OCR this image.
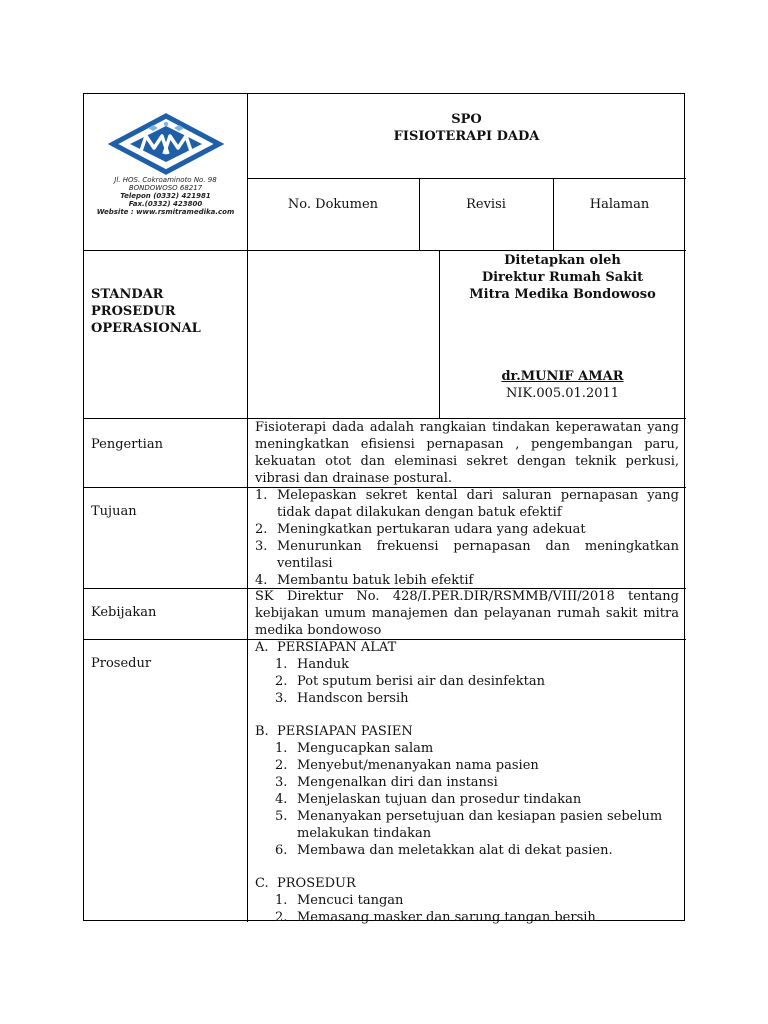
Jl. HOS. Cokroaminoto No. 98
BONDOWOSO 68217
Telepon (0332) 421981
Fax.(0332) 423800
Website : www.rsmitramedika.com
SPO
FISIOTERAPI DADA
No. Dokumen	Revisi	Halaman
STANDAR
PROSEDUR
OPERASIONAL
Ditetapkan oleh
Direktur Rumah Sakit
Mitra Medika Bondowoso
dr.MUNIF AMAR
NIK.005.01.2011
Pengertian
Fisioterapi dada adalah rangkaian tindakan keperawatan yang meningkatkan efisiensi pernapasan , pengembangan paru, kekuatan otot dan eleminasi sekret dengan teknik perkusi, vibrasi dan drainase postural.
Tujuan
1. Melepaskan sekret kental dari saluran pernapasan yang tidak dapat dilakukan dengan batuk efektif
2. Meningkatkan pertukaran udara yang adekuat
3. Menurunkan frekuensi pernapasan dan meningkatkan ventilasi
4. Membantu batuk lebih efektif
Kebijakan
SK Direktur No. 428/I.PER.DIR/RSMMB/VIII/2018 tentang kebijakan umum manajemen dan pelayanan rumah sakit mitra medika bondowoso
Prosedur
A. PERSIAPAN ALAT
1. Handuk
2. Pot sputum berisi air dan desinfektan
3. Handscon bersih
B. PERSIAPAN PASIEN
1. Mengucapkan salam
2. Menyebut/menanyakan nama pasien
3. Mengenalkan diri dan instansi
4. Menjelaskan tujuan dan prosedur tindakan
5. Menanyakan persetujuan dan kesiapan pasien sebelum melakukan tindakan
6. Membawa dan meletakkan alat di dekat pasien.
C. PROSEDUR
1. Mencuci tangan
2. Memasang masker dan sarung tangan bersih
